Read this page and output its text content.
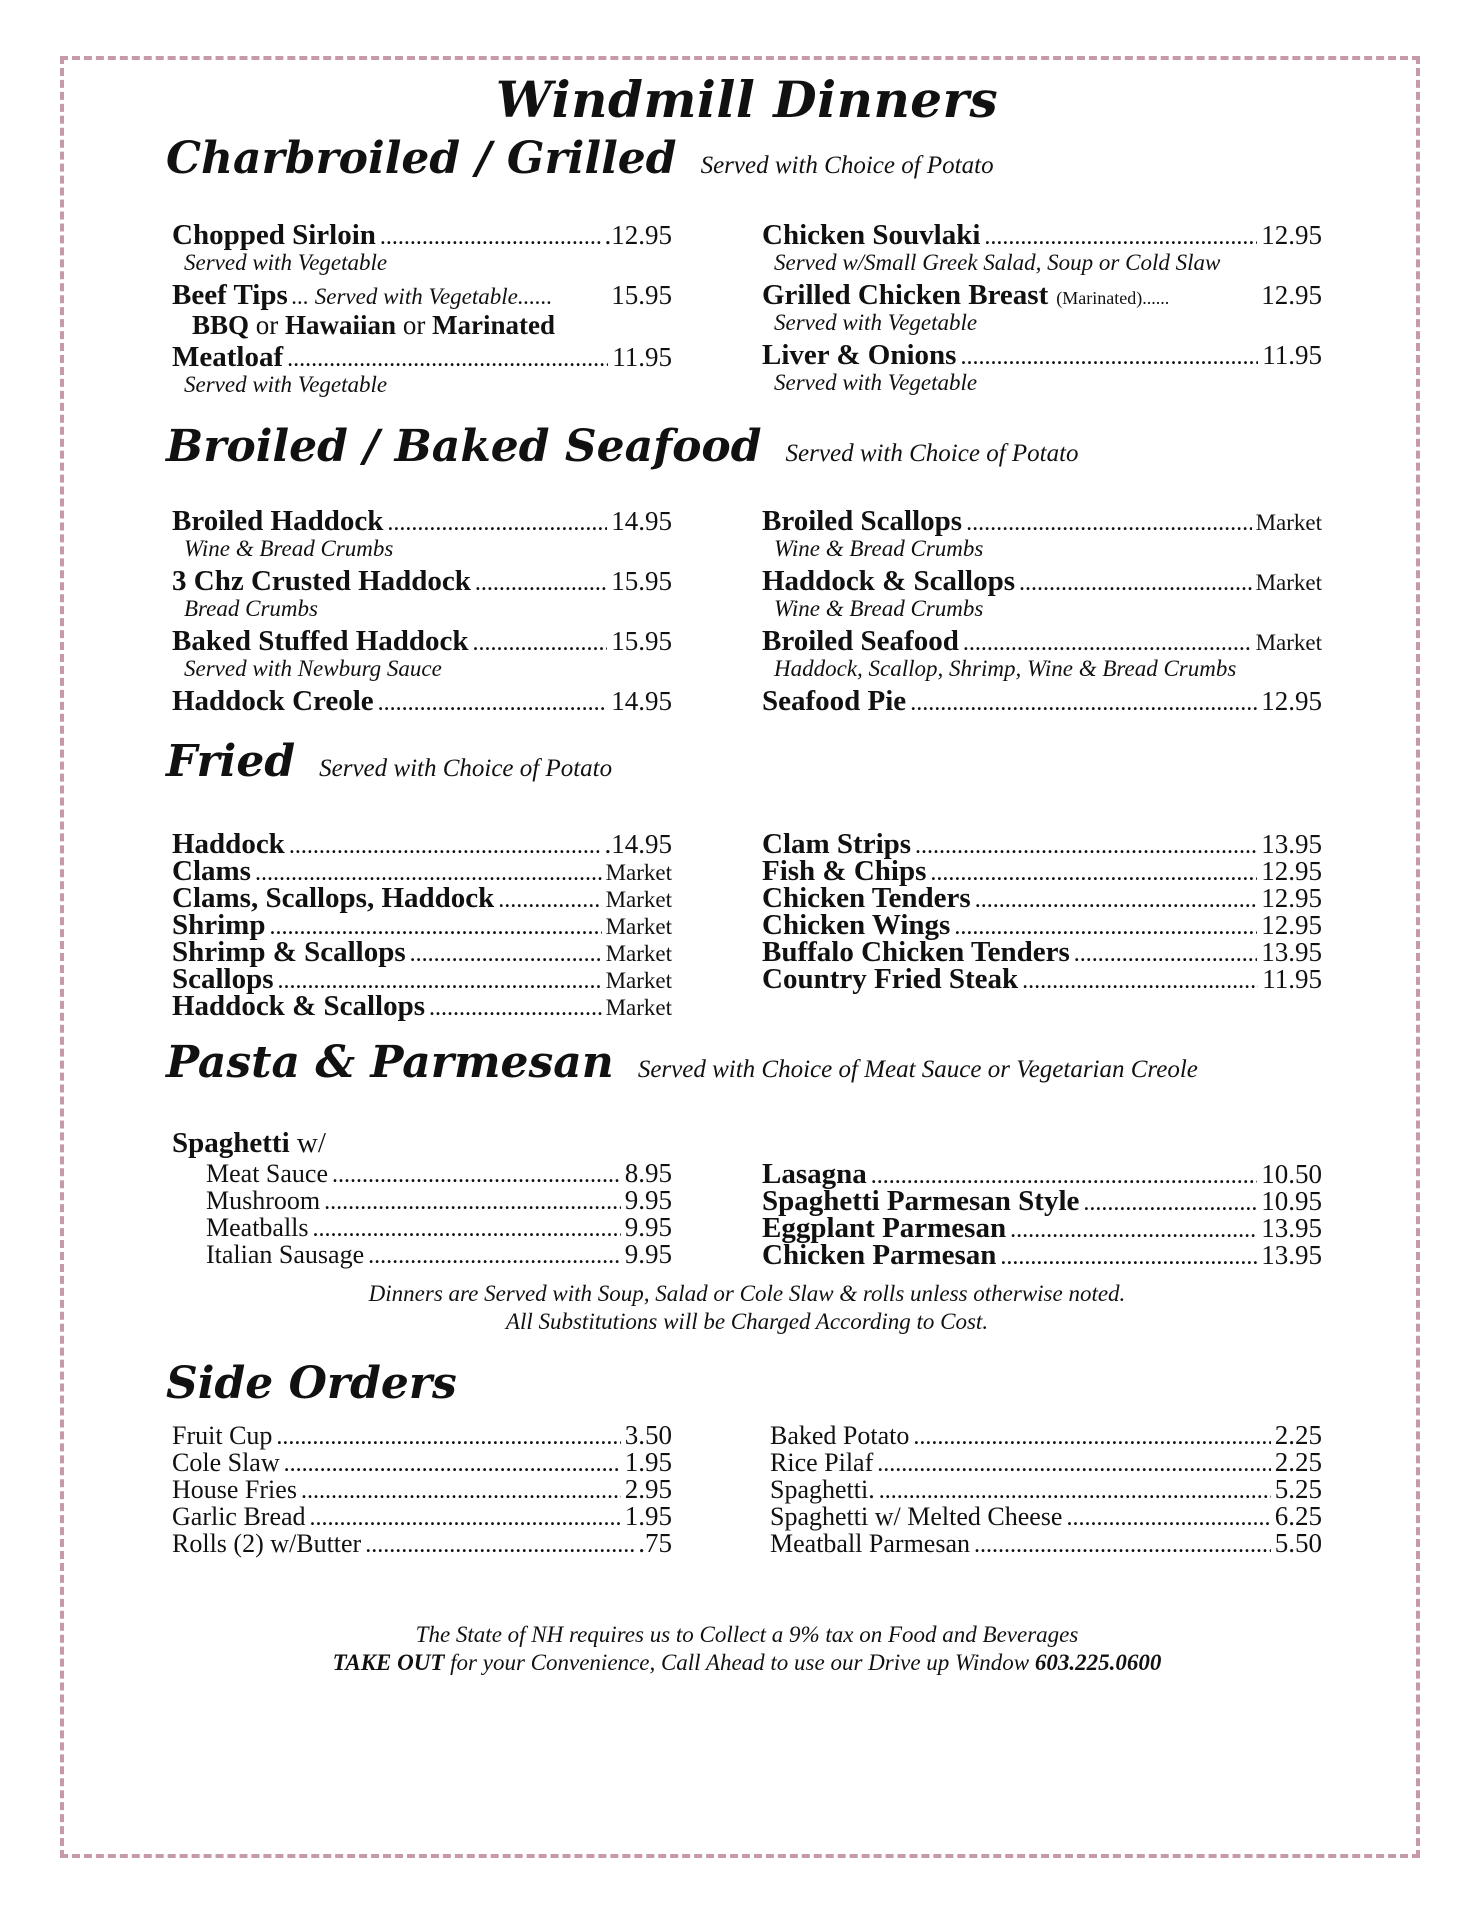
Windmill Dinners
Charbroiled / Grilled Served with Choice of Potato
Chopped Sirloin .....	.12.95
Served with Vegetable
Beef Tips ... Served with Vegetable...... 15.95
BBQ or Hawaiian or Marinated
Meatloaf .....	11.95
Served with Vegetable
Chicken Souvlaki .....	12.95
Served w/Small Greek Salad, Soup or Cold Slaw
Grilled Chicken Breast (Marinated)......	12.95
Served with Vegetable
Liver & Onions .....	11.95
Served with Vegetable
Broiled / Baked Seafood Served with Choice of Potato
Broiled Haddock .....	14.95
Wine & Bread Crumbs
3 Chz Crusted Haddock .....	15.95
Bread Crumbs
Baked Stuffed Haddock .....	15.95
Served with Newburg Sauce
Haddock Creole .....	14.95
Broiled Scallops .....	Market
Wine & Bread Crumbs
Haddock & Scallops .....	Market
Wine & Bread Crumbs
Broiled Seafood .....	Market
Haddock, Scallop, Shrimp, Wine & Bread Crumbs
Seafood Pie .....	12.95
Fried Served with Choice of Potato
Haddock .....	.14.95
Clams .....	Market
Clams, Scallops, Haddock .....	Market
Shrimp .....	Market
Shrimp & Scallops .....	Market
Scallops .....	Market
Haddock & Scallops .....	Market
Clam Strips .....	13.95
Fish & Chips .....	12.95
Chicken Tenders .....	12.95
Chicken Wings .....	12.95
Buffalo Chicken Tenders .....	13.95
Country Fried Steak .....	11.95
Pasta & Parmesan Served with Choice of Meat Sauce or Vegetarian Creole
Spaghetti w/
Meat Sauce .....	8.95
Mushroom .....	9.95
Meatballs .....	9.95
Italian Sausage .....	9.95
Lasagna .....	10.50
Spaghetti Parmesan Style .....	10.95
Eggplant Parmesan .....	13.95
Chicken Parmesan .....	13.95
Dinners are Served with Soup, Salad or Cole Slaw & rolls unless otherwise noted.
All Substitutions will be Charged According to Cost.
Side Orders
Fruit Cup .....	3.50
Cole Slaw .....	1.95
House Fries .....	2.95
Garlic Bread .....	1.95
Rolls (2) w/Butter .....	.75
Baked Potato .....	2.25
Rice Pilaf .....	2.25
Spaghetti. .....	5.25
Spaghetti w/ Melted Cheese .....	6.25
Meatball Parmesan .....	5.50
The State of NH requires us to Collect a 9% tax on Food and Beverages
TAKE OUT for your Convenience, Call Ahead to use our Drive up Window 603.225.0600
